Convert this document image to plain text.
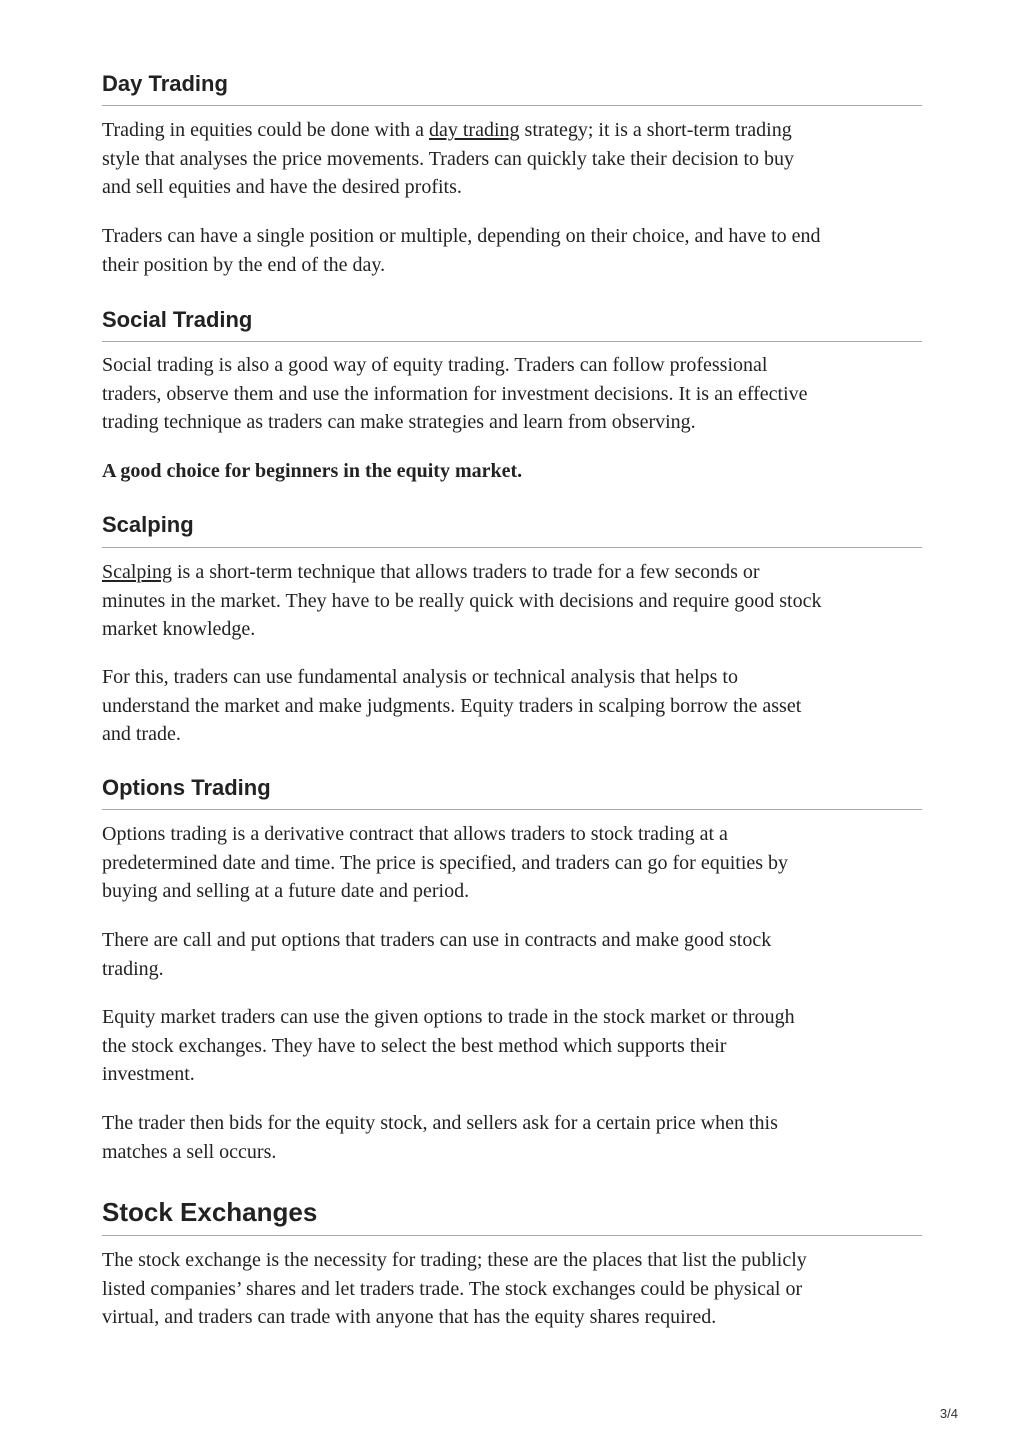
Day Trading

Trading in equities could be done with a day trading strategy; it is a short-term trading
style that analyses the price movements. Traders can quickly take their decision to buy
and sell equities and have the desired profits.

Traders can have a single position or multiple, depending on their choice, and have to end
their position by the end of the day.

Social Trading

Social trading is also a good way of equity trading. Traders can follow professional
traders, observe them and use the information for investment decisions. It is an effective
trading technique as traders can make strategies and learn from observing.

A good choice for beginners in the equity market.

Scalping

Scalping is a short-term technique that allows traders to trade for a few seconds or
minutes in the market. They have to be really quick with decisions and require good stock
market knowledge.

For this, traders can use fundamental analysis or technical analysis that helps to
understand the market and make judgments. Equity traders in scalping borrow the asset
and trade.

Options Trading

Options trading is a derivative contract that allows traders to stock trading at a
predetermined date and time. The price is specified, and traders can go for equities by
buying and selling at a future date and period.

There are call and put options that traders can use in contracts and make good stock
trading.

Equity market traders can use the given options to trade in the stock market or through
the stock exchanges. They have to select the best method which supports their
investment.

The trader then bids for the equity stock, and sellers ask for a certain price when this
matches a sell occurs.

Stock Exchanges

The stock exchange is the necessity for trading; these are the places that list the publicly
listed companies’ shares and let traders trade. The stock exchanges could be physical or
virtual, and traders can trade with anyone that has the equity shares required.

3/4
